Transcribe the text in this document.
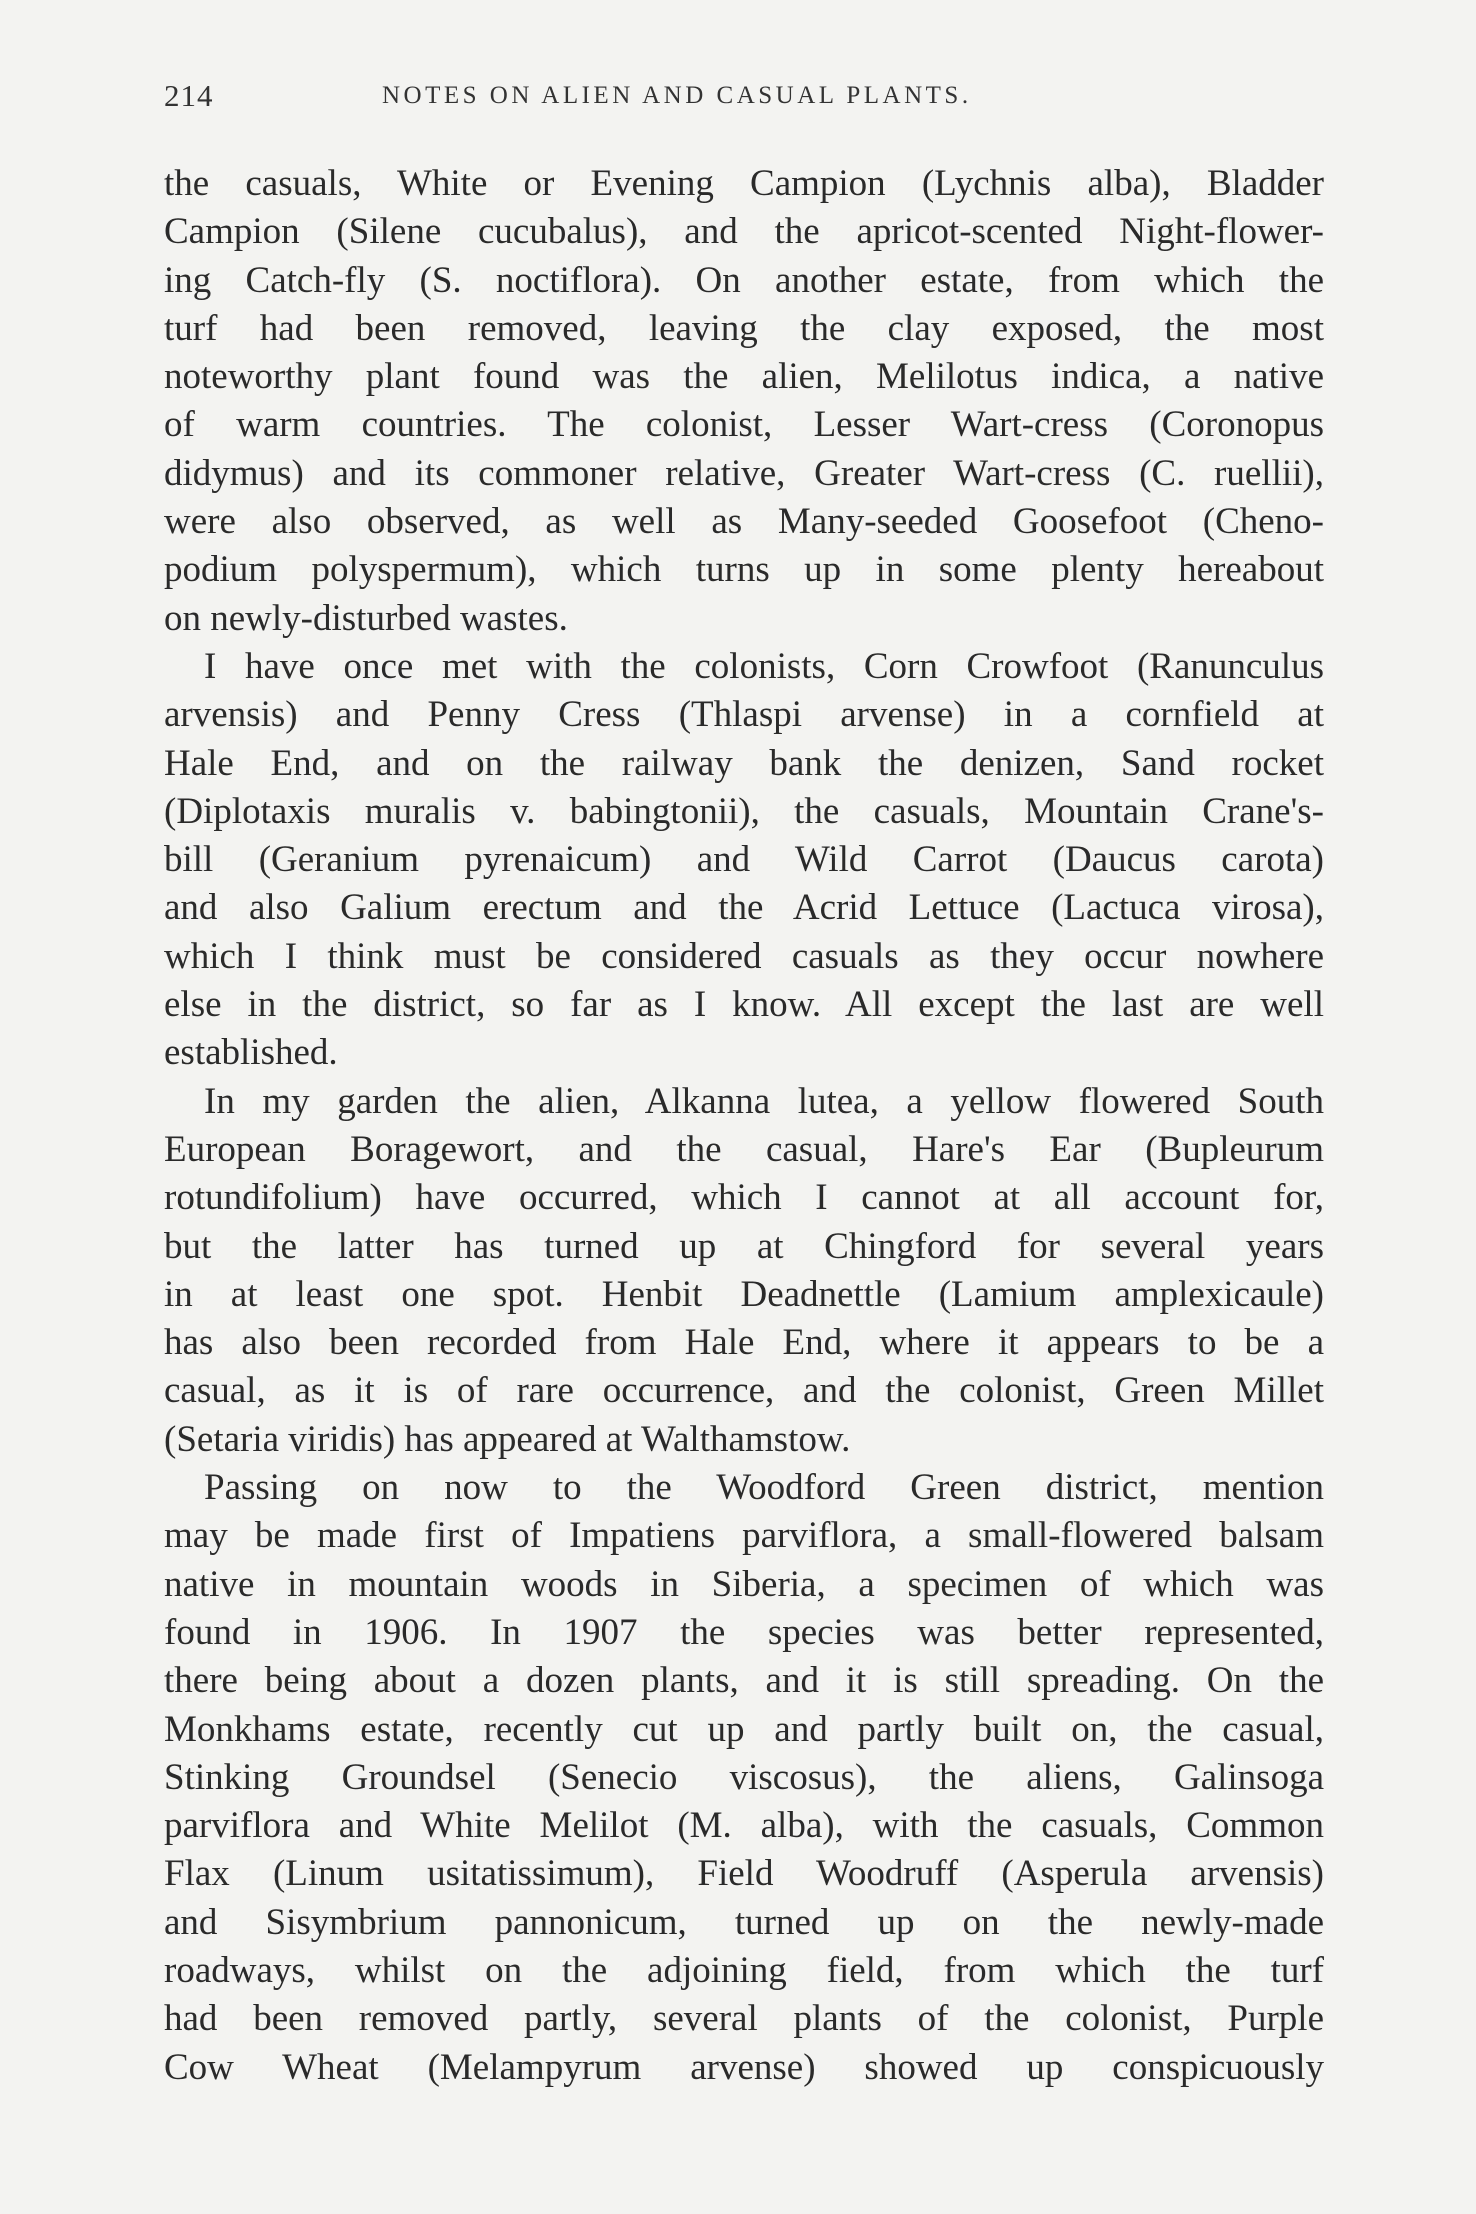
214	NOTES ON ALIEN AND CASUAL PLANTS.
the casuals, White or Evening Campion (Lychnis alba), Bladder
Campion (Silene cucubalus), and the apricot-scented Night-flower-
ing Catch-fly (S. noctiflora). On another estate, from which the
turf had been removed, leaving the clay exposed, the most
noteworthy plant found was the alien, Melilotus indica, a native
of warm countries. The colonist, Lesser Wart-cress (Coronopus
didymus) and its commoner relative, Greater Wart-cress (C. ruellii),
were also observed, as well as Many-seeded Goosefoot (Cheno-
podium polyspermum), which turns up in some plenty hereabout
on newly-disturbed wastes.
I have once met with the colonists, Corn Crowfoot (Ranunculus
arvensis) and Penny Cress (Thlaspi arvense) in a cornfield at
Hale End, and on the railway bank the denizen, Sand rocket
(Diplotaxis muralis v. babingtonii), the casuals, Mountain Crane's-
bill (Geranium pyrenaicum) and Wild Carrot (Daucus carota)
and also Galium erectum and the Acrid Lettuce (Lactuca virosa),
which I think must be considered casuals as they occur nowhere
else in the district, so far as I know. All except the last are well
established.
In my garden the alien, Alkanna lutea, a yellow flowered South
European Boragewort, and the casual, Hare's Ear (Bupleurum
rotundifolium) have occurred, which I cannot at all account for,
but the latter has turned up at Chingford for several years
in at least one spot. Henbit Deadnettle (Lamium amplexicaule)
has also been recorded from Hale End, where it appears to be a
casual, as it is of rare occurrence, and the colonist, Green Millet
(Setaria viridis) has appeared at Walthamstow.
Passing on now to the Woodford Green district, mention
may be made first of Impatiens parviflora, a small-flowered balsam
native in mountain woods in Siberia, a specimen of which was
found in 1906. In 1907 the species was better represented,
there being about a dozen plants, and it is still spreading. On the
Monkhams estate, recently cut up and partly built on, the casual,
Stinking Groundsel (Senecio viscosus), the aliens, Galinsoga
parviflora and White Melilot (M. alba), with the casuals, Common
Flax (Linum usitatissimum), Field Woodruff (Asperula arvensis)
and Sisymbrium pannonicum, turned up on the newly-made
roadways, whilst on the adjoining field, from which the turf
had been removed partly, several plants of the colonist, Purple
Cow Wheat (Melampyrum arvense) showed up conspicuously
